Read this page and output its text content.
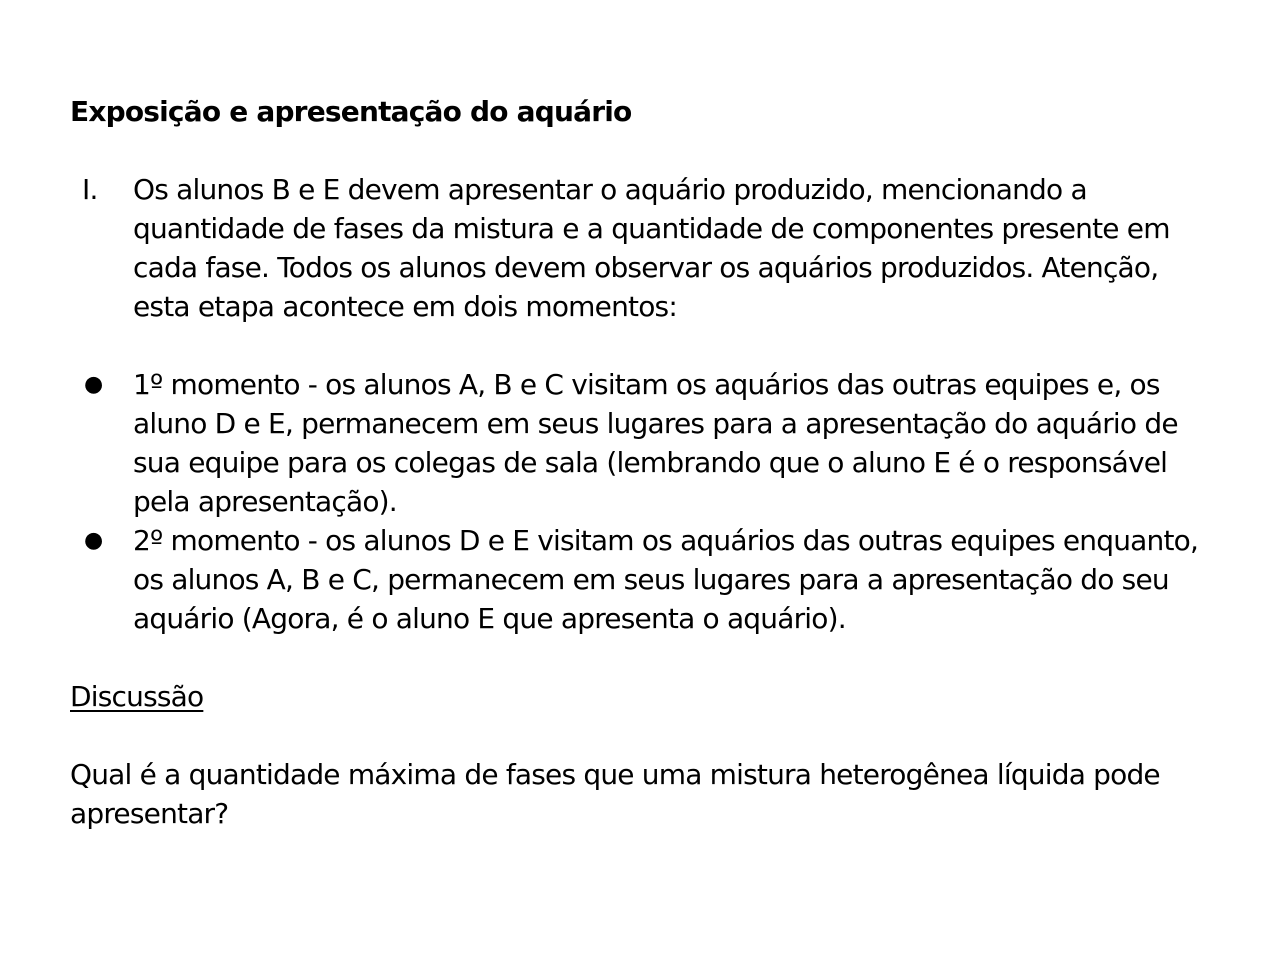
Exposição e apresentação do aquário

I.	Os alunos B e E devem apresentar o aquário produzido, mencionando a quantidade de fases da mistura e a quantidade de componentes presente em cada fase. Todos os alunos devem observar os aquários produzidos. Atenção, esta etapa acontece em dois momentos:
● 1º momento - os alunos A, B e C visitam os aquários das outras equipes e, os aluno D e E, permanecem em seus lugares para a apresentação do aquário de sua equipe para os colegas de sala (lembrando que o aluno E é o responsável pela apresentação).
● 2º momento - os alunos D e E visitam os aquários das outras equipes enquanto, os alunos A, B e C, permanecem em seus lugares para a apresentação do seu aquário (Agora, é o aluno E que apresenta o aquário).

Discussão

Qual é a quantidade máxima de fases que uma mistura heterogênea líquida pode apresentar?
